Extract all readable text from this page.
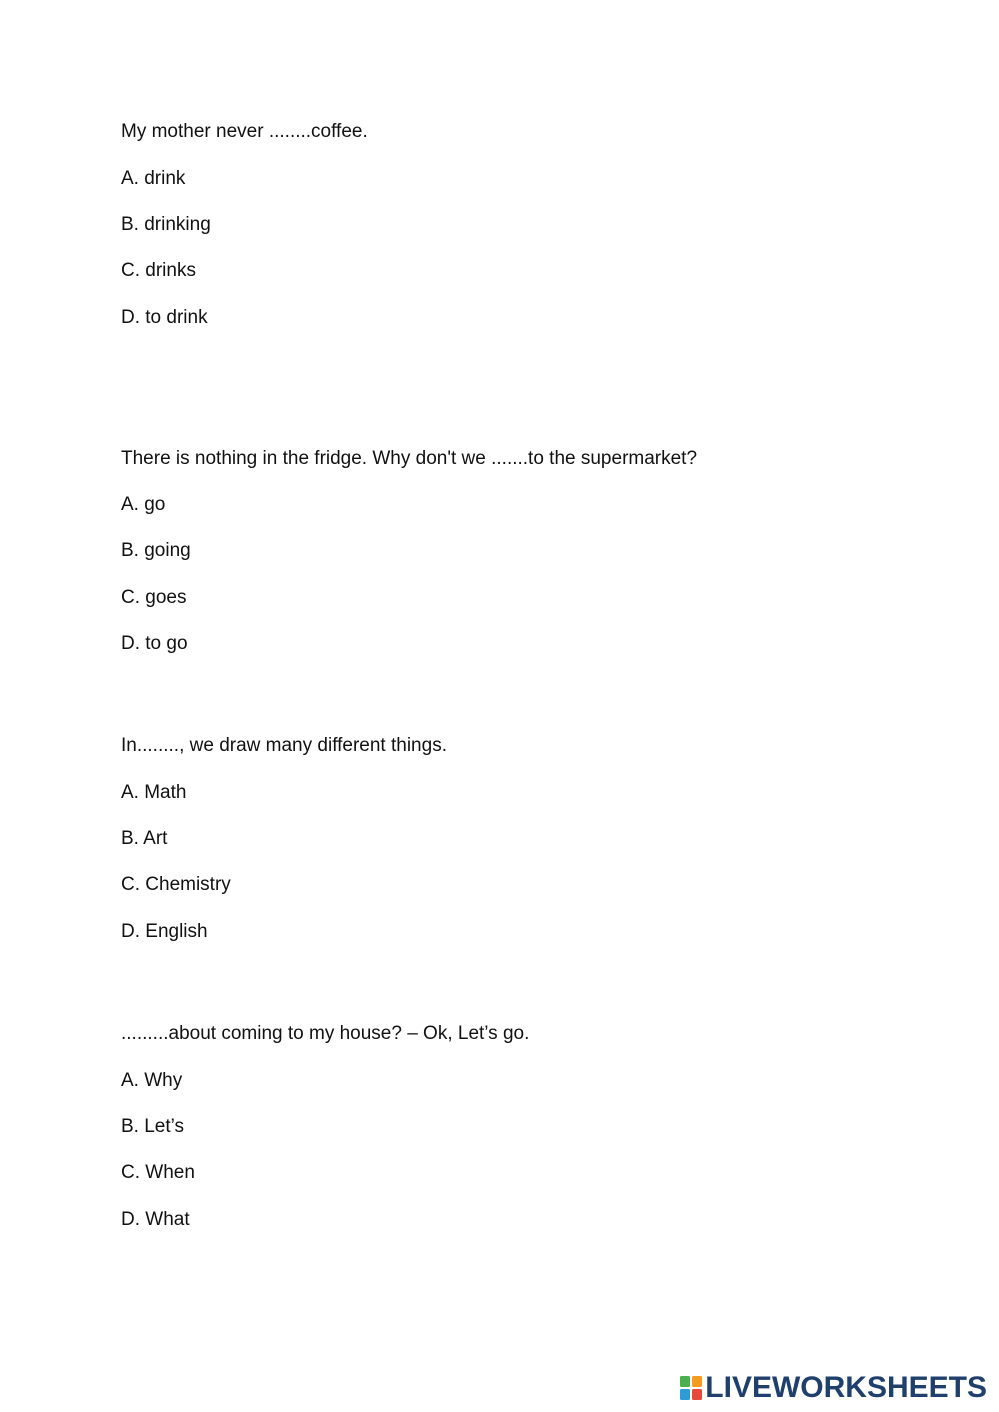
My mother never ........coffee.
A. drink
B. drinking
C. drinks
D. to drink
There is nothing in the fridge. Why don't we .......to the supermarket?
A. go
B. going
C. goes
D. to go
In........, we draw many different things.
A. Math
B. Art
C. Chemistry
D. English
.........about coming to my house? – Ok, Let’s go.
A. Why
B. Let’s
C. When
D. What
LIVEWORKSHEETS
